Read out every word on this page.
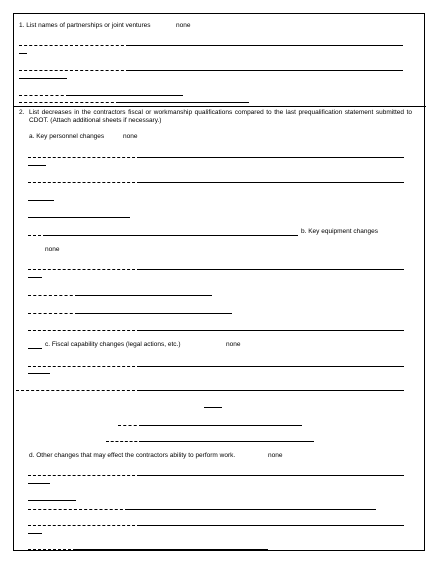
1. List names of partnerships or joint ventures	none
2. List decreases in the contractors fiscal or workmanship qualifications compared to the last prequalification statement submitted to CDOT. (Attach additional sheets if necessary.)
a. Key personnel changes	none
b. Key equipment changes
none
c. Fiscal capability changes (legal actions, etc.)	none
d. Other changes that may effect the contractors ability to perform work.	none
